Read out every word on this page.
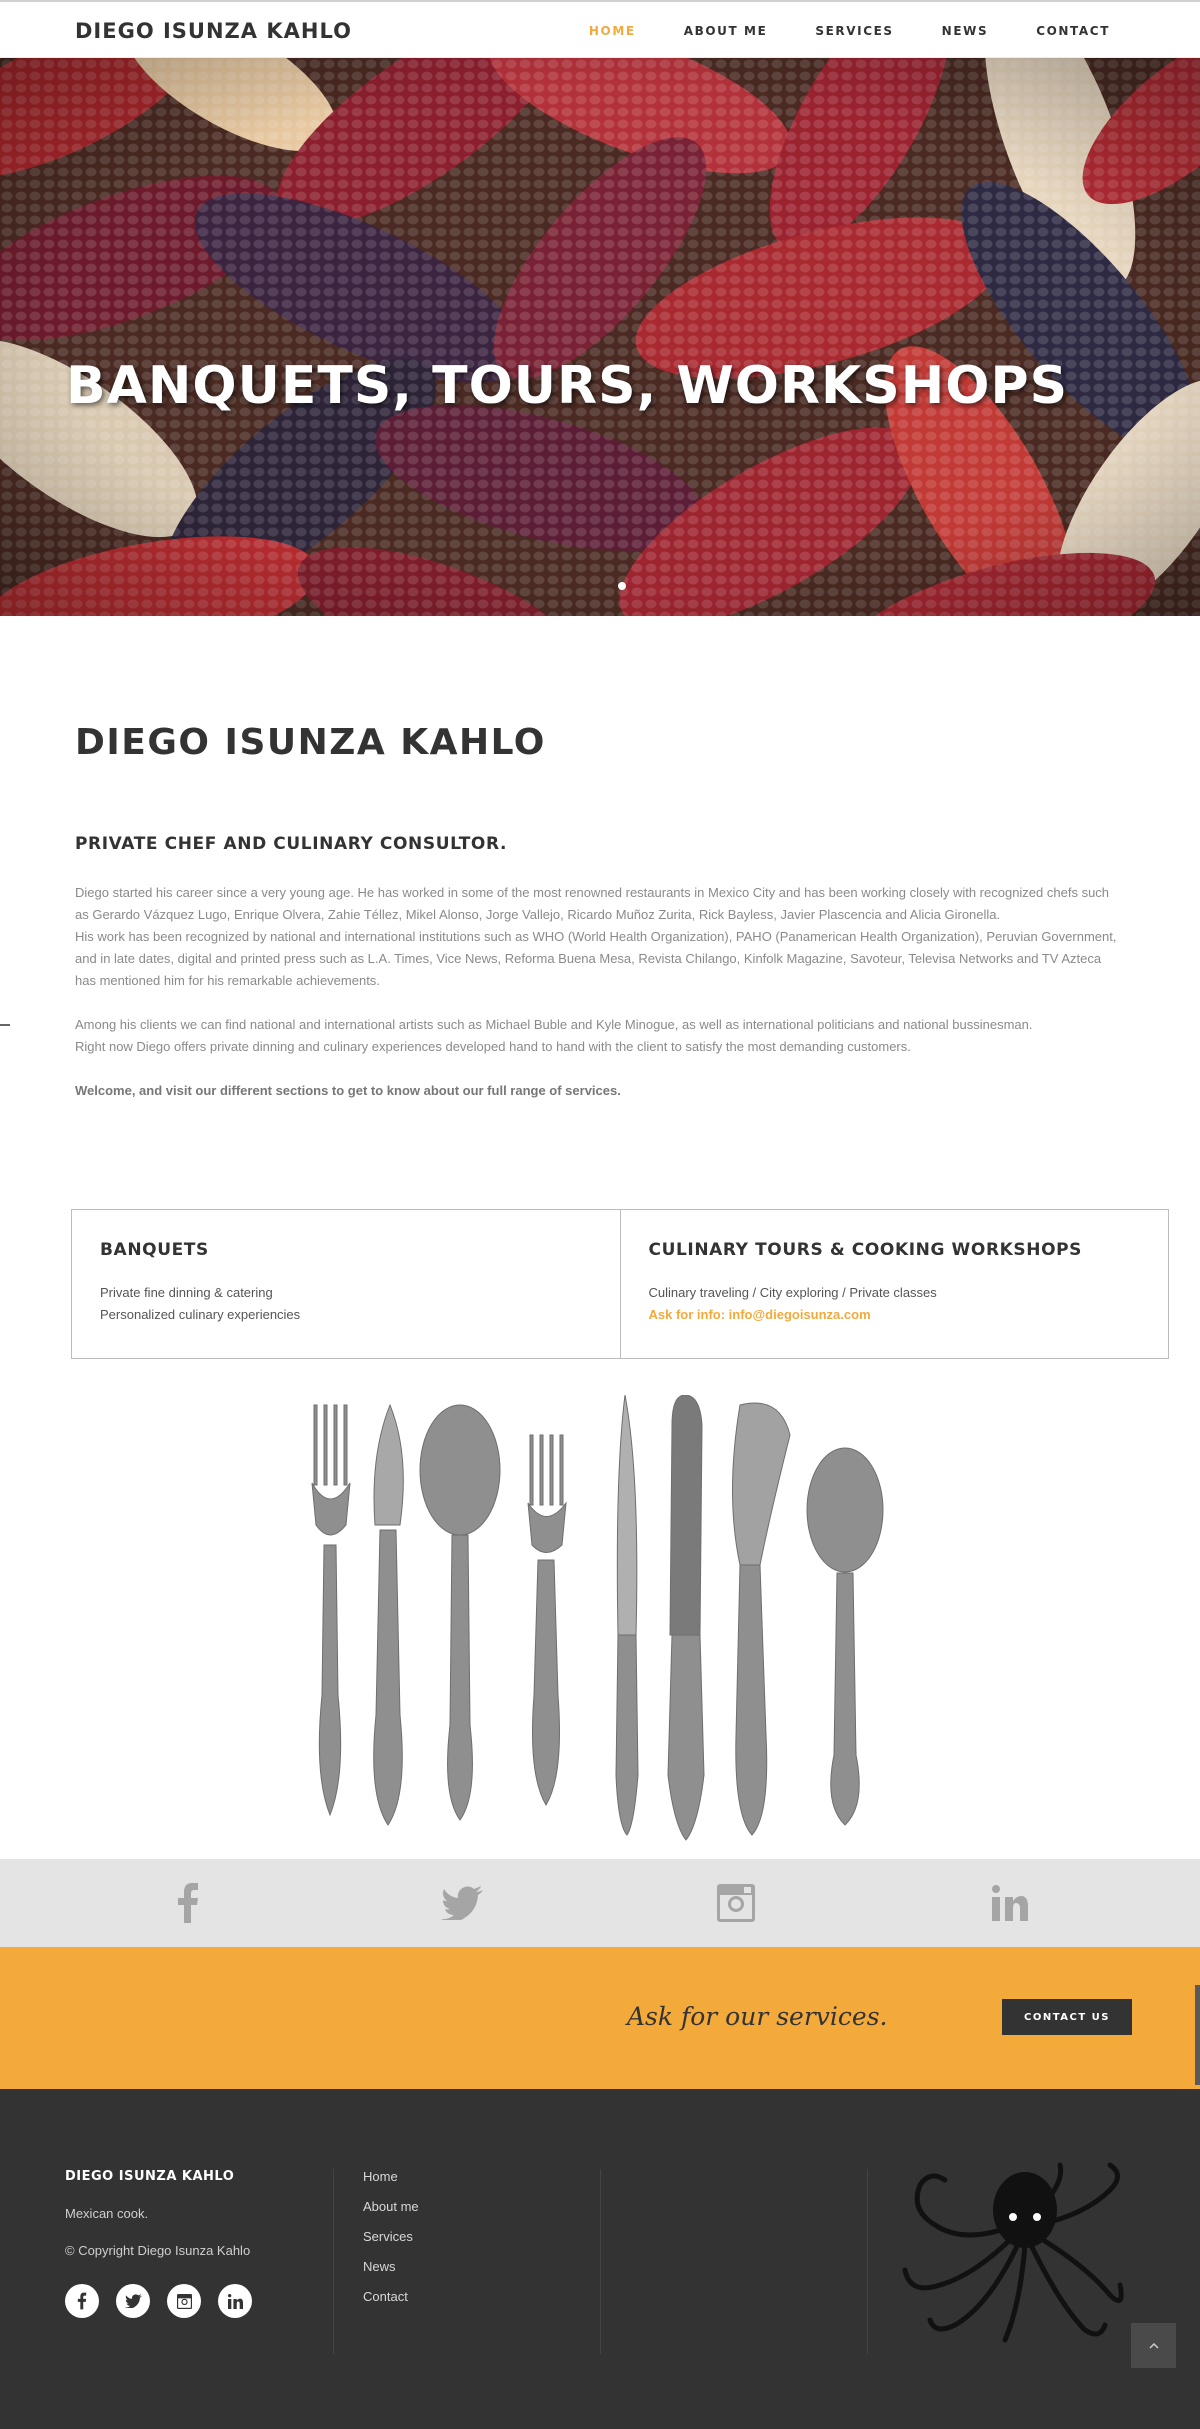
DIEGO ISUNZA KAHLO	HOME	ABOUT ME	SERVICES	NEWS	CONTACT
BANQUETS, TOURS, WORKSHOPS
DIEGO ISUNZA KAHLO
PRIVATE CHEF AND CULINARY CONSULTOR.

Diego started his career since a very young age. He has worked in some of the most renowned restaurants in Mexico City and has been working closely with recognized chefs such as Gerardo Vázquez Lugo, Enrique Olvera, Zahie Téllez, Mikel Alonso, Jorge Vallejo, Ricardo Muñoz Zurita, Rick Bayless, Javier Plascencia and Alicia Gironella.

His work has been recognized by national and international institutions such as WHO (World Health Organization), PAHO (Panamerican Health Organization), Peruvian Government, and in late dates, digital and printed press such as L.A. Times, Vice News, Reforma Buena Mesa, Revista Chilango, Kinfolk Magazine, Savoteur, Televisa Networks and TV Azteca has mentioned him for his remarkable achievements.

Among his clients we can find national and international artists such as Michael Buble and Kyle Minogue, as well as international politicians and national bussinesman.

Right now Diego offers private dinning and culinary experiences developed hand to hand with the client to satisfy the most demanding customers.

Welcome, and visit our different sections to get to know about our full range of services.

BANQUETS

Private fine dinning & catering

Personalized culinary experiencies

CULINARY TOURS & COOKING WORKSHOPS

Culinary traveling / City exploring / Private classes

Ask for info: info@diegoisunza.com

Ask for our services.	CONTACT US
DIEGO ISUNZA KAHLO
Mexican cook.
© Copyright Diego Isunza Kahlo
Home
About me
Services
News
Contact
